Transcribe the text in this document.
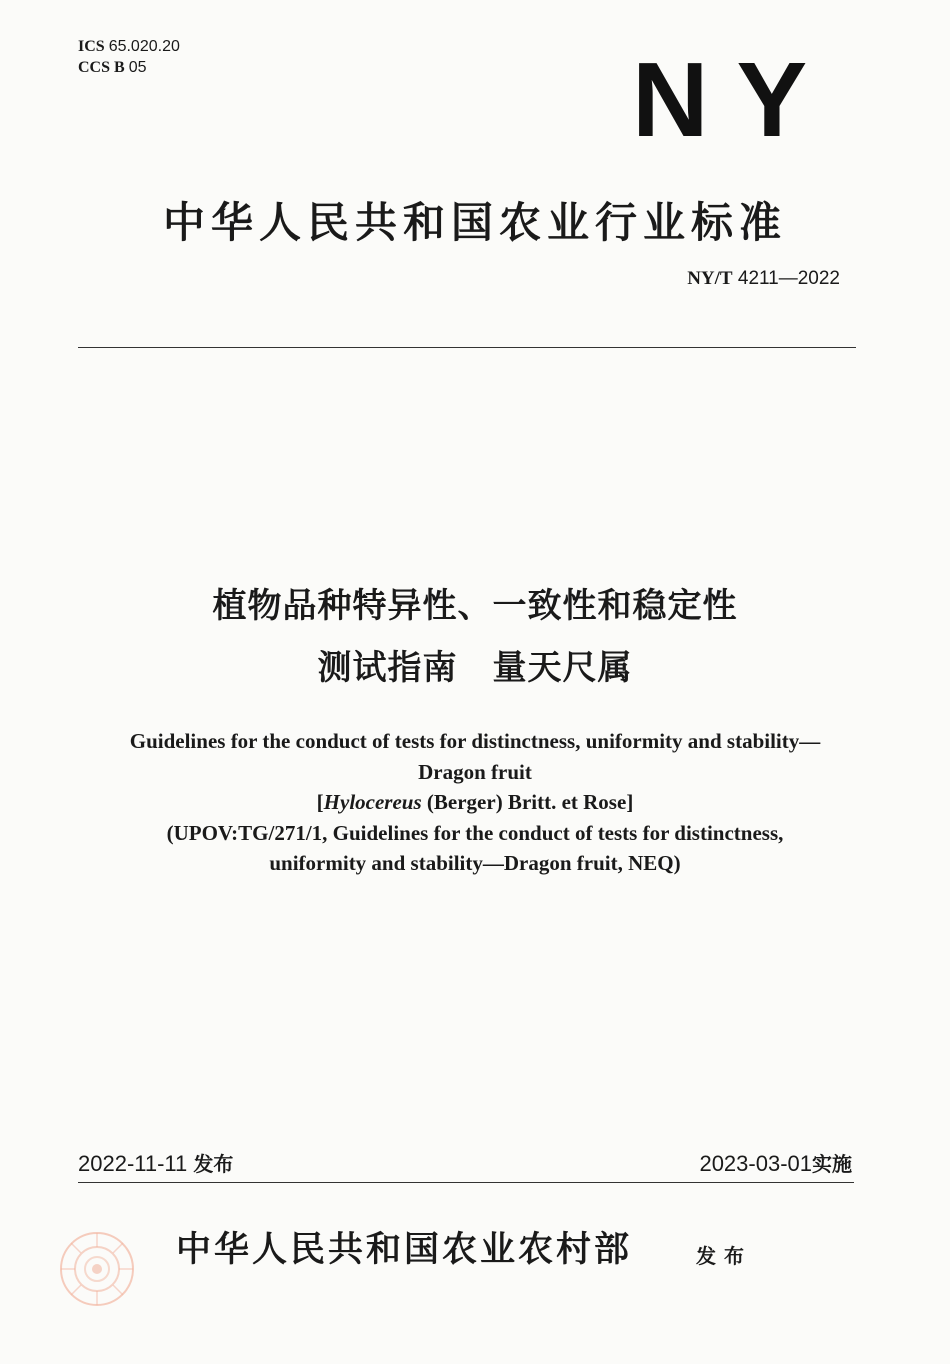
ICS 65.020.20
CCS B 05	NY
中华人民共和国农业行业标准
NY/T 4211—2022
植物品种特异性、一致性和稳定性
测试指南　量天尺属
Guidelines for the conduct of tests for distinctness, uniformity and stability—
Dragon fruit
[Hylocereus (Berger) Britt. et Rose]
(UPOV:TG/271/1, Guidelines for the conduct of tests for distinctness,
uniformity and stability—Dragon fruit, NEQ)
2022-11-11 发布	2023-03-01实施
中华人民共和国农业农村部	发布
